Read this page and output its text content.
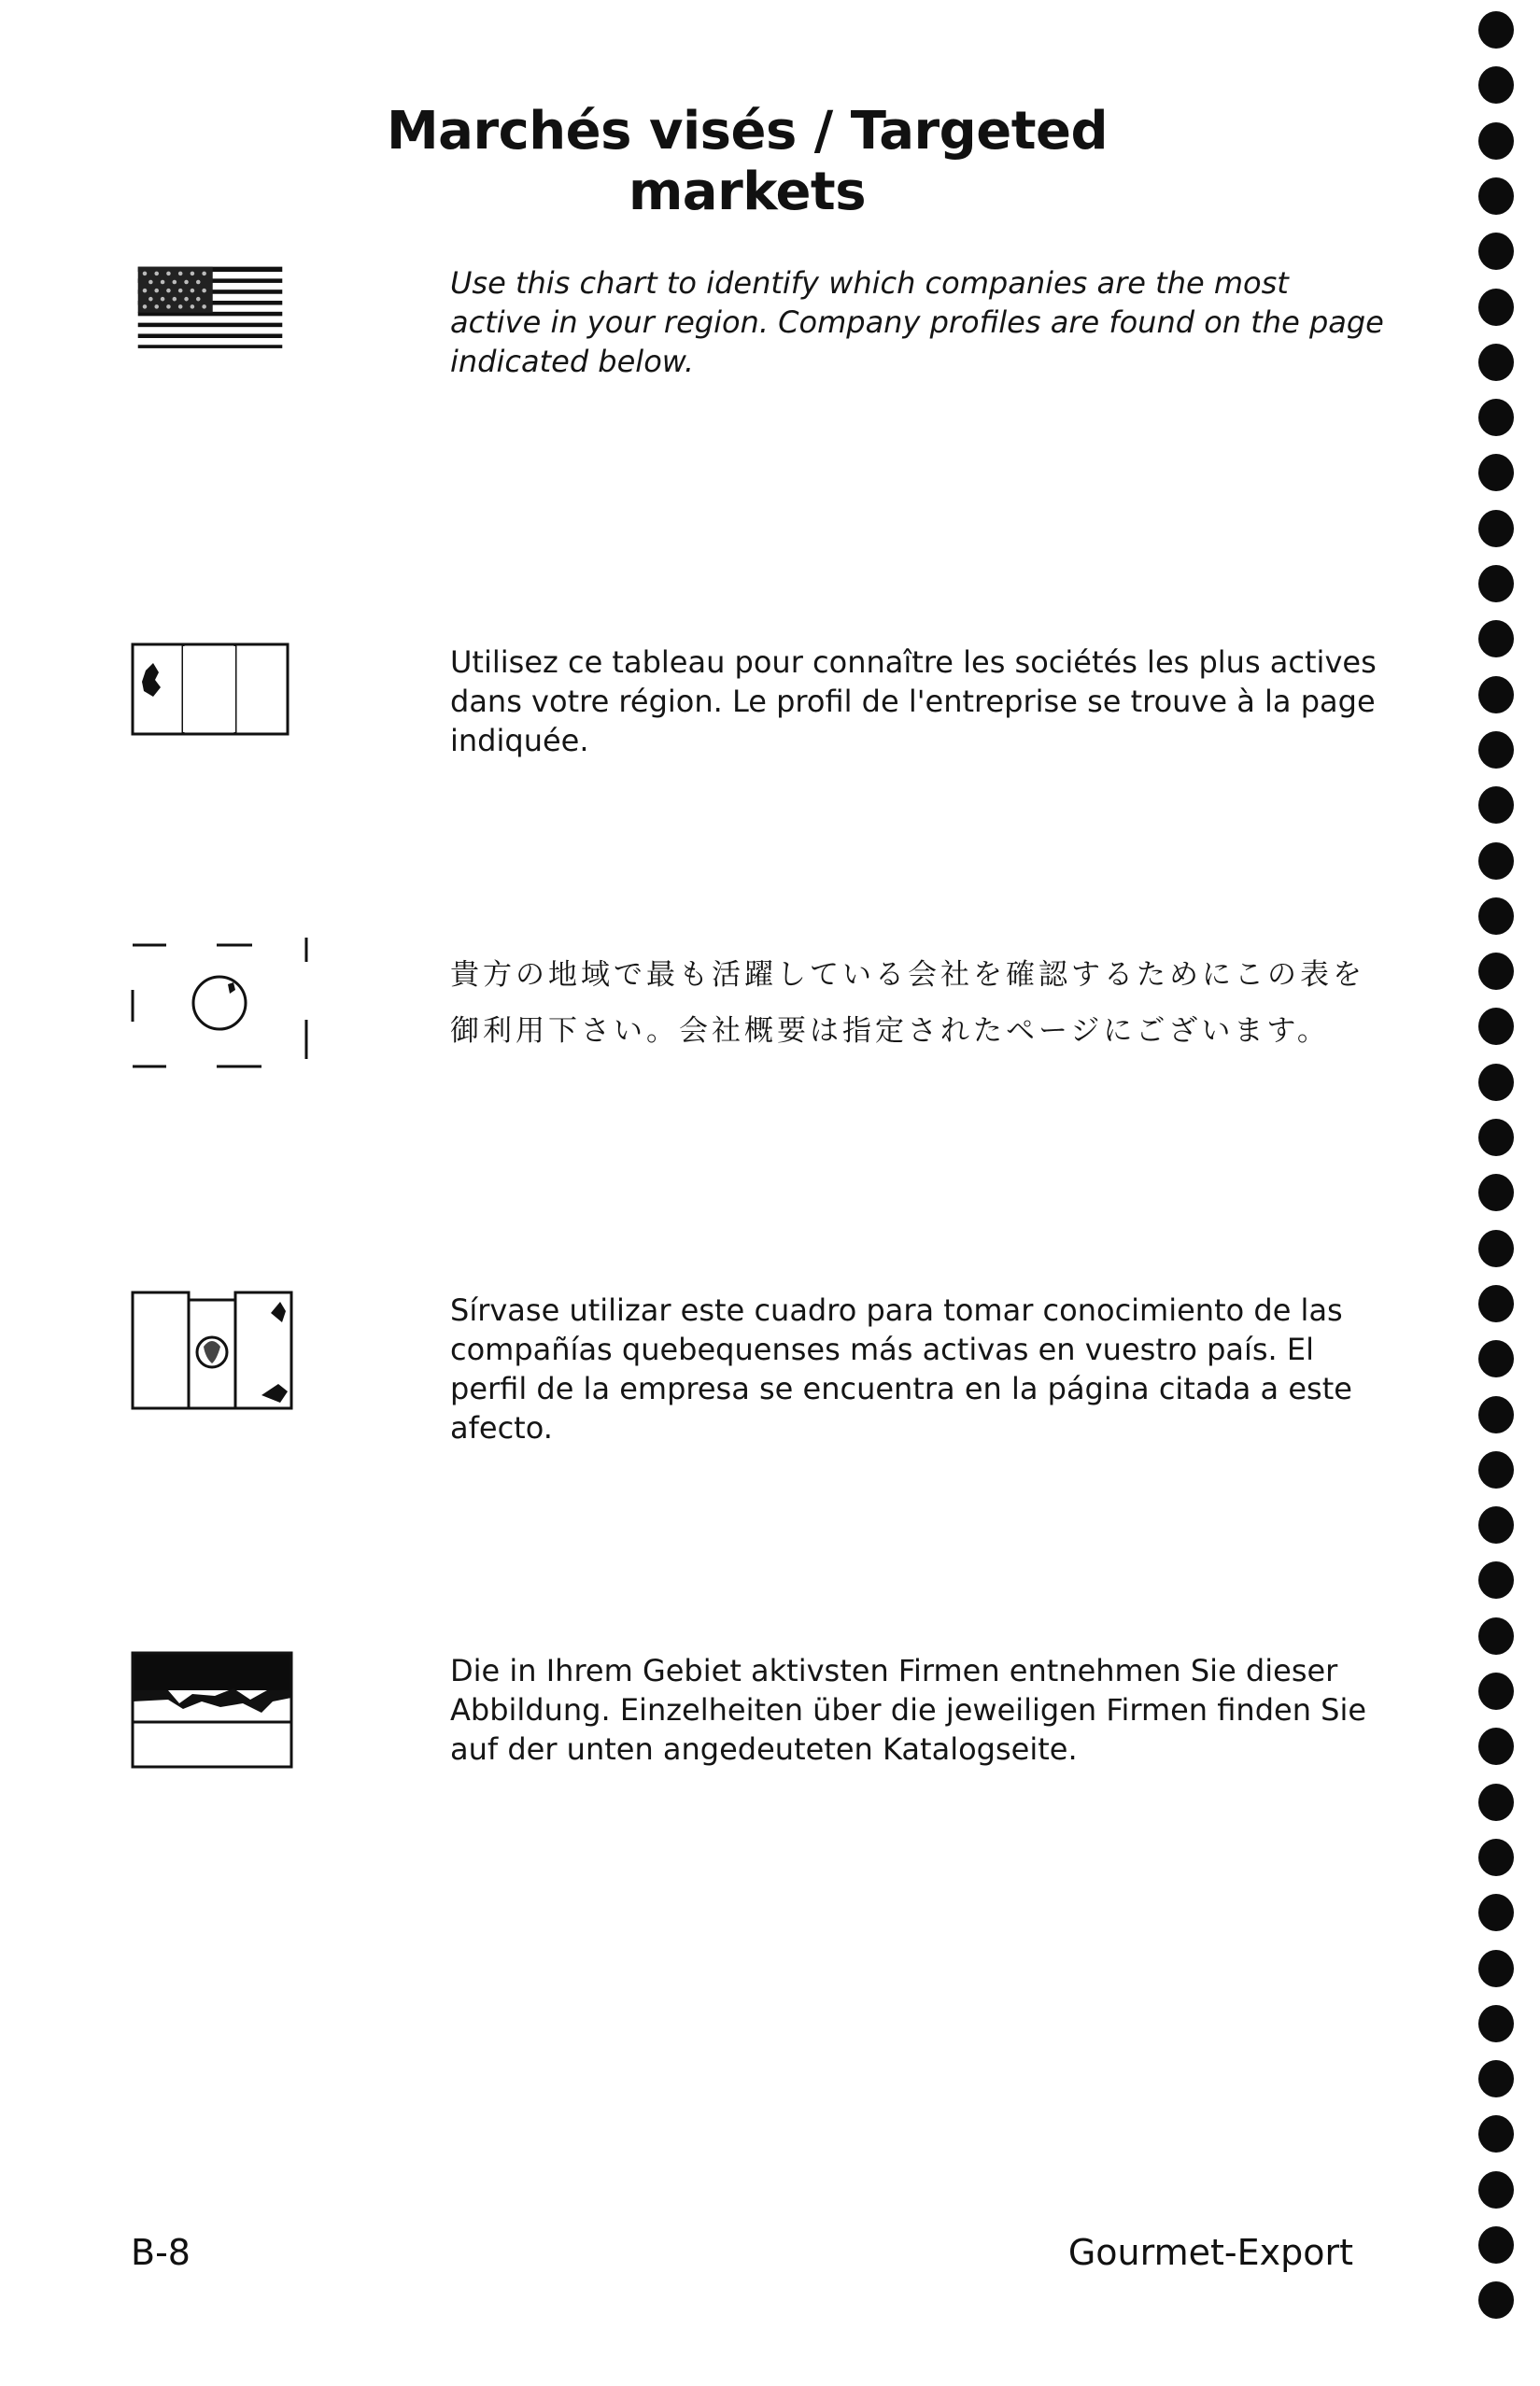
Marchés visés / Targeted markets

Use this chart to identify which companies are the most active in your region. Company profiles are found on the page indicated below.

Utilisez ce tableau pour connaître les sociétés les plus actives dans votre région. Le profil de l'entreprise se trouve à la page indiquée.

貴方の地域で最も活躍している会社を確認するためにこの表を御利用下さい。会社概要は指定されたページにございます。

Sírvase utilizar este cuadro para tomar conocimiento de las compañías quebequenses más activas en vuestro país. El perfil de la empresa se encuentra en la página citada a este afecto.

Die in Ihrem Gebiet aktivsten Firmen entnehmen Sie dieser Abbildung. Einzelheiten über die jeweiligen Firmen finden Sie auf der unten angedeuteten Katalogseite.

B-8	Gourmet-Export
